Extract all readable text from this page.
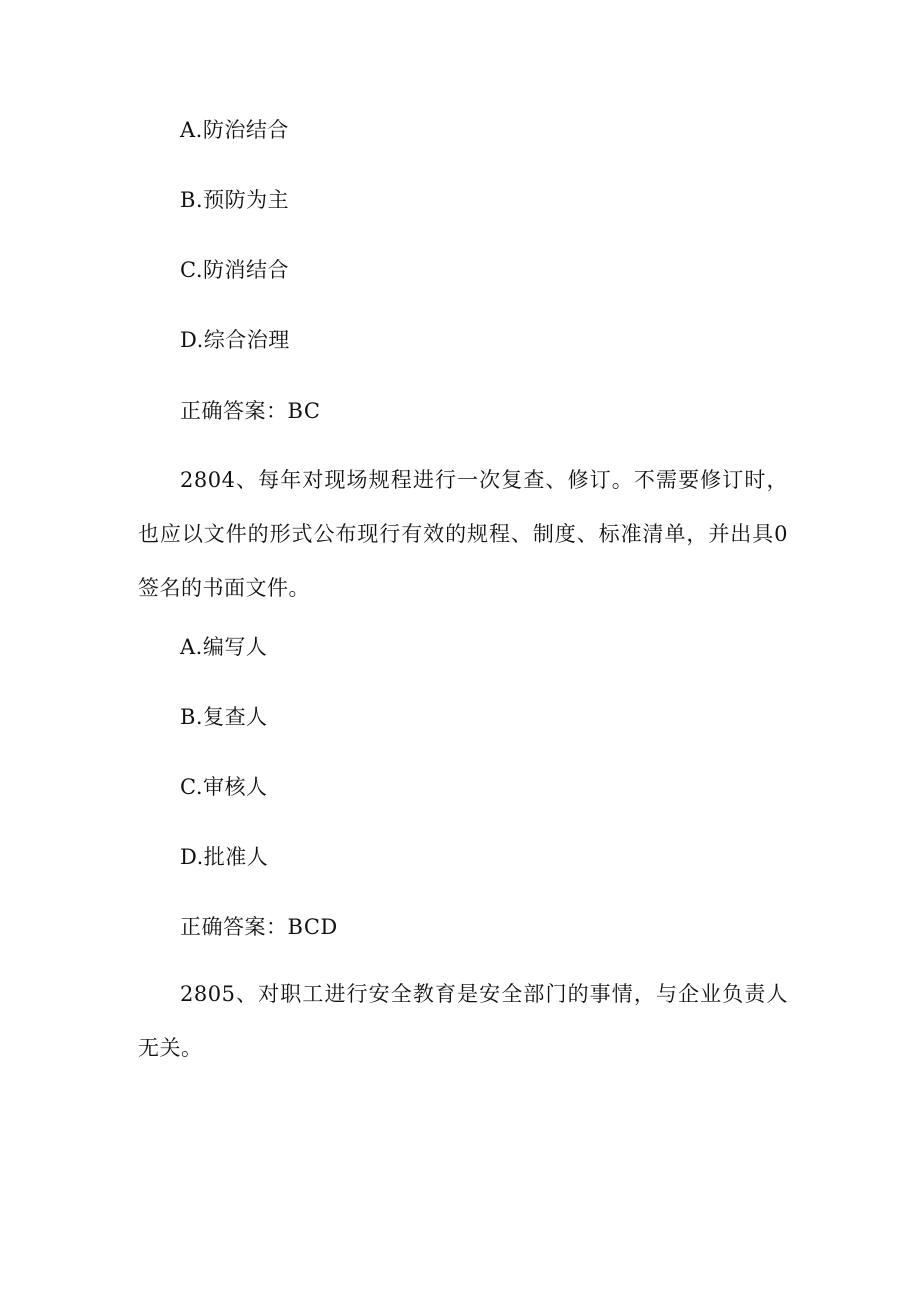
A.防治结合
B.预防为主
C.防消结合
D.综合治理
正确答案：BC
2804、每年对现场规程进行一次复查、修订。不需要修订时，也应以文件的形式公布现行有效的规程、制度、标准清单，并出具0签名的书面文件。
A.编写人
B.复查人
C.审核人
D.批准人
正确答案：BCD
2805、对职工进行安全教育是安全部门的事情，与企业负责人无关。
